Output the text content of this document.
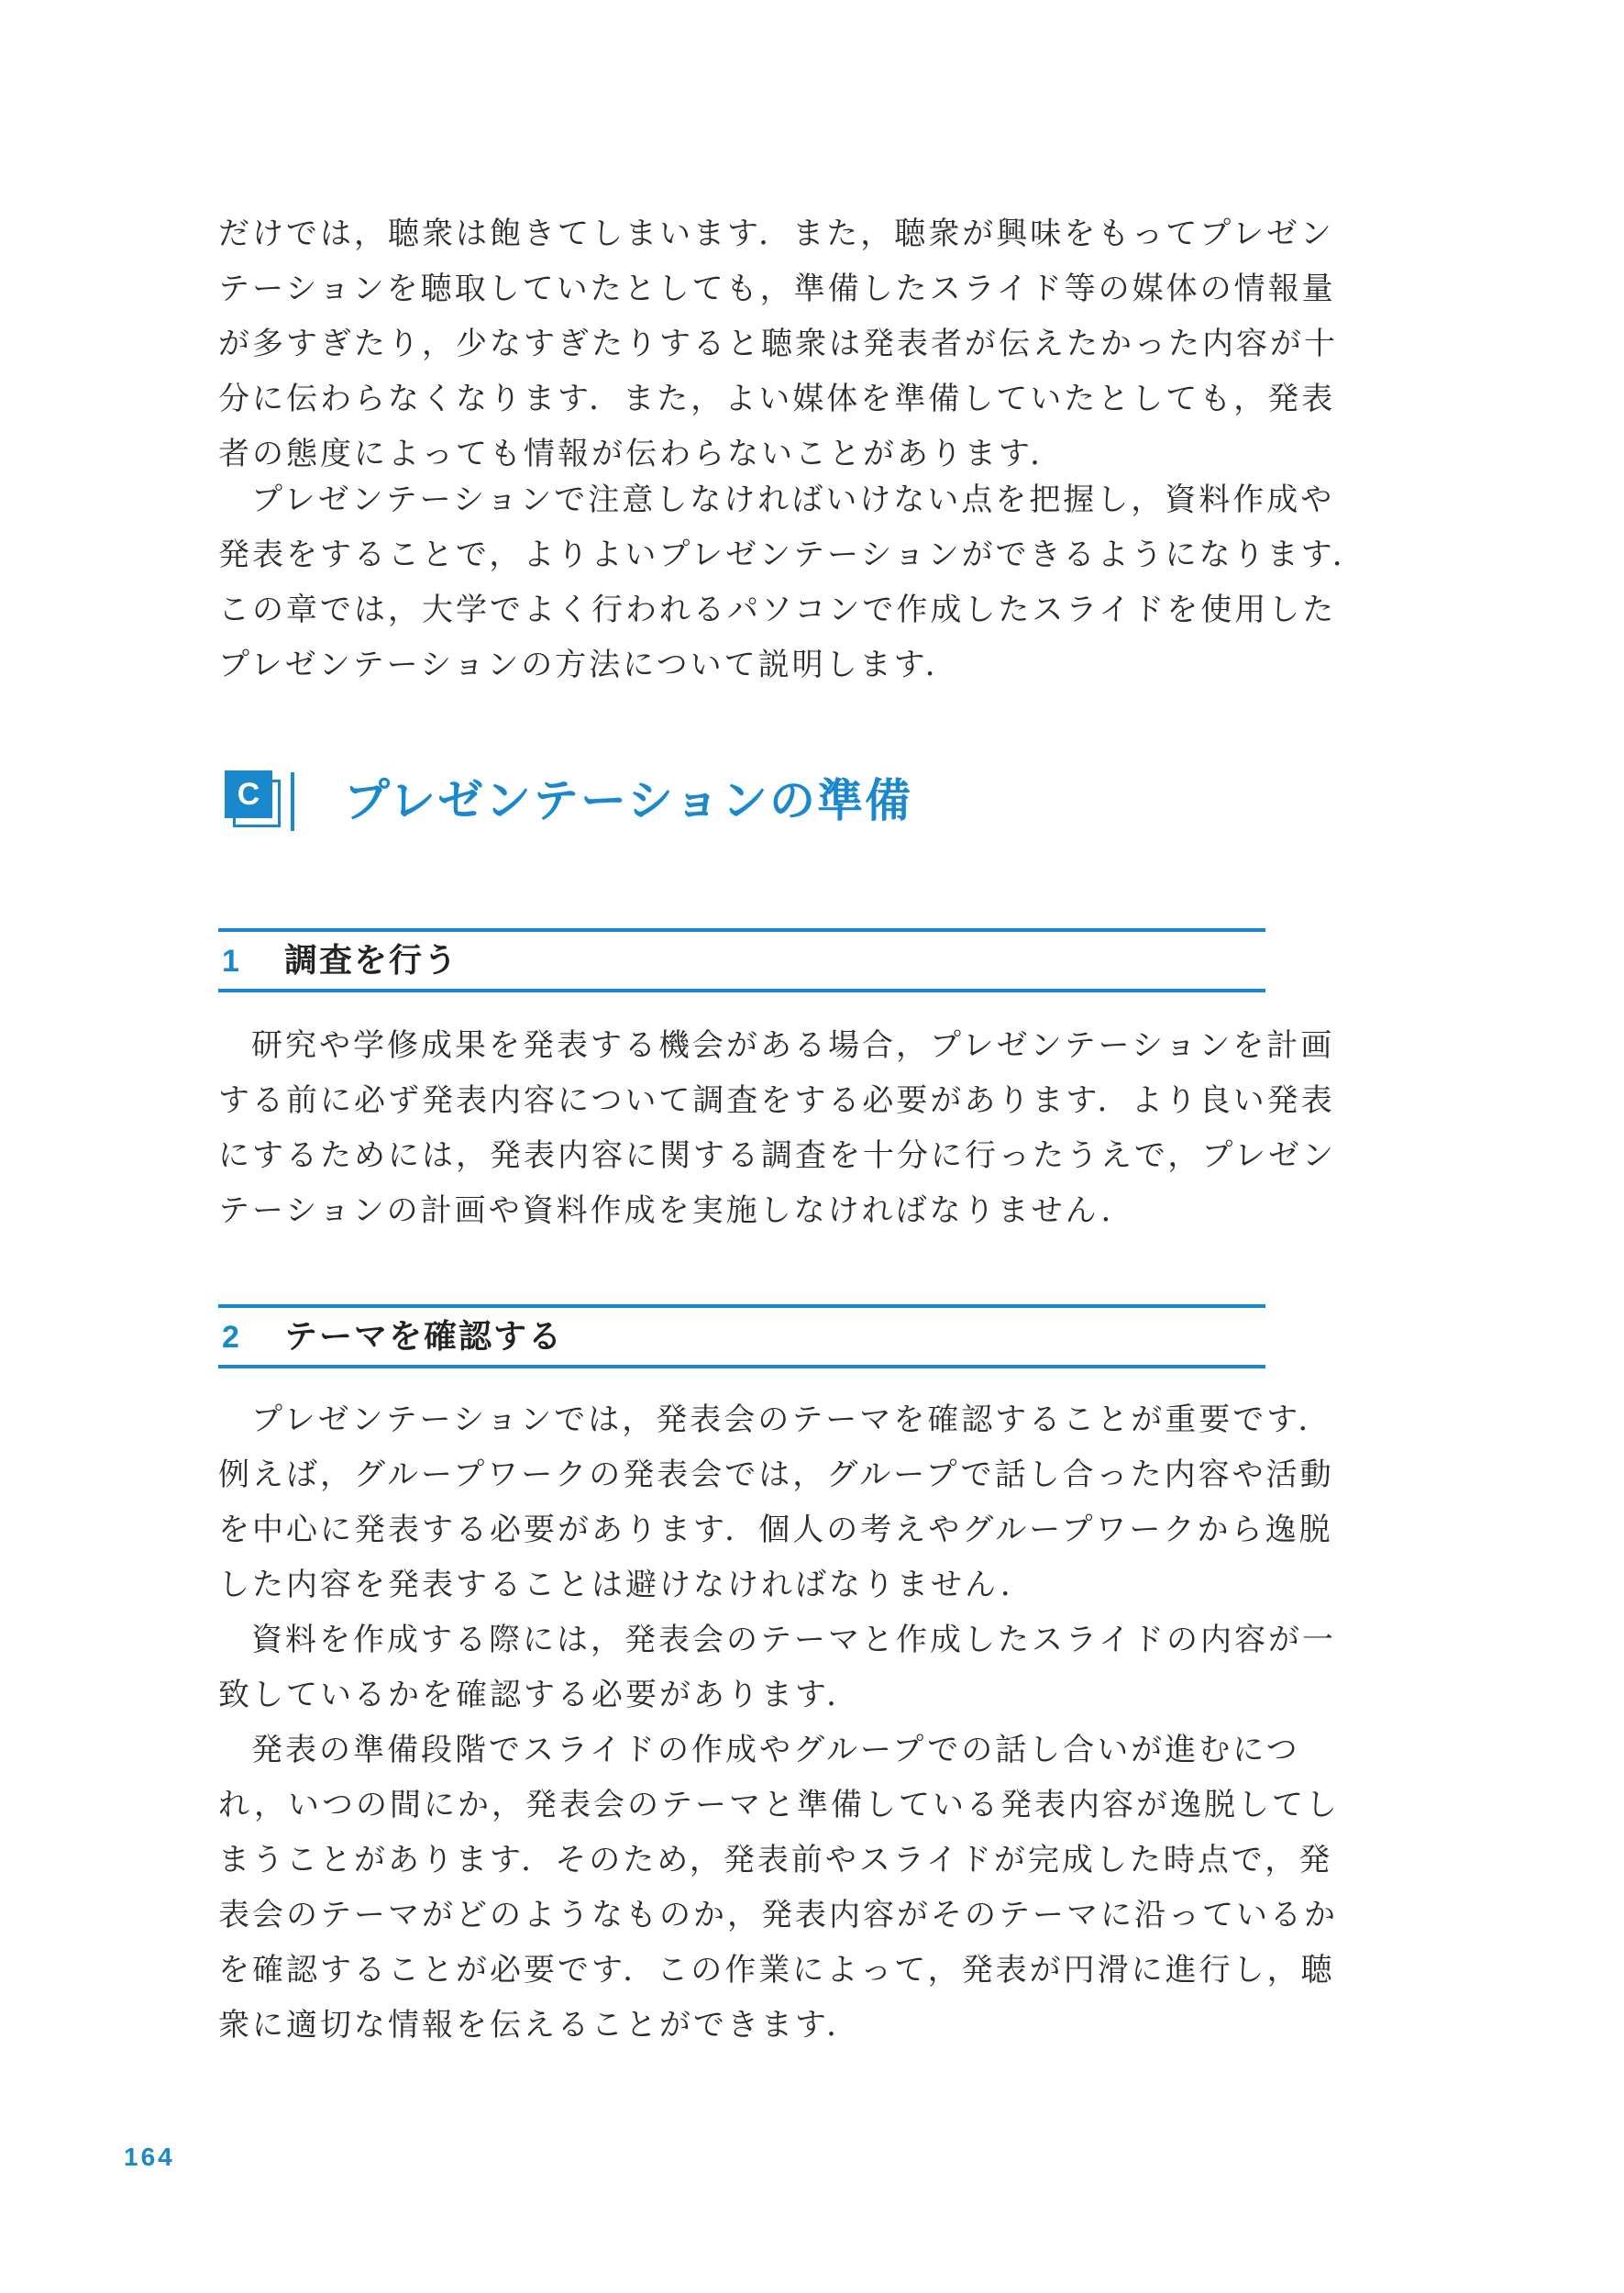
だけでは，聴衆は飽きてしまいます．また，聴衆が興味をもってプレゼン
テーションを聴取していたとしても，準備したスライド等の媒体の情報量
が多すぎたり，少なすぎたりすると聴衆は発表者が伝えたかった内容が十
分に伝わらなくなります．また，よい媒体を準備していたとしても，発表
者の態度によっても情報が伝わらないことがあります．
プレゼンテーションで注意しなければいけない点を把握し，資料作成や
発表をすることで，よりよいプレゼンテーションができるようになります．
この章では，大学でよく行われるパソコンで作成したスライドを使用した
プレゼンテーションの方法について説明します．
C プレゼンテーションの準備
1 調査を行う
研究や学修成果を発表する機会がある場合，プレゼンテーションを計画
する前に必ず発表内容について調査をする必要があります．より良い発表
にするためには，発表内容に関する調査を十分に行ったうえで，プレゼン
テーションの計画や資料作成を実施しなければなりません．
2 テーマを確認する
プレゼンテーションでは，発表会のテーマを確認することが重要です．
例えば，グループワークの発表会では，グループで話し合った内容や活動
を中心に発表する必要があります．個人の考えやグループワークから逸脱
した内容を発表することは避けなければなりません．
資料を作成する際には，発表会のテーマと作成したスライドの内容が一
致しているかを確認する必要があります．
発表の準備段階でスライドの作成やグループでの話し合いが進むにつ
れ，いつの間にか，発表会のテーマと準備している発表内容が逸脱してし
まうことがあります．そのため，発表前やスライドが完成した時点で，発
表会のテーマがどのようなものか，発表内容がそのテーマに沿っているか
を確認することが必要です．この作業によって，発表が円滑に進行し，聴
衆に適切な情報を伝えることができます．
164
